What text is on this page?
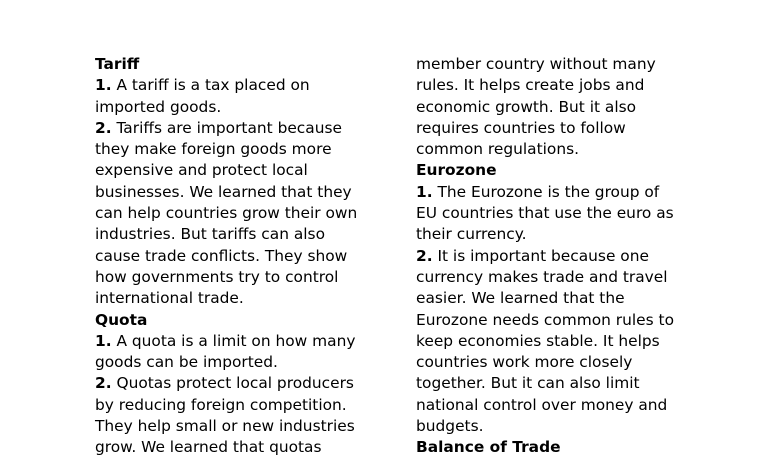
Tariff
1. A tariff is a tax placed on
imported goods.
2. Tariffs are important because
they make foreign goods more
expensive and protect local
businesses. We learned that they
can help countries grow their own
industries. But tariffs can also
cause trade conflicts. They show
how governments try to control
international trade.
Quota
1. A quota is a limit on how many
goods can be imported.
2. Quotas protect local producers
by reducing foreign competition.
They help small or new industries
grow. We learned that quotas
member country without many
rules. It helps create jobs and
economic growth. But it also
requires countries to follow
common regulations.
Eurozone
1. The Eurozone is the group of
EU countries that use the euro as
their currency.
2. It is important because one
currency makes trade and travel
easier. We learned that the
Eurozone needs common rules to
keep economies stable. It helps
countries work more closely
together. But it can also limit
national control over money and
budgets.
Balance of Trade
